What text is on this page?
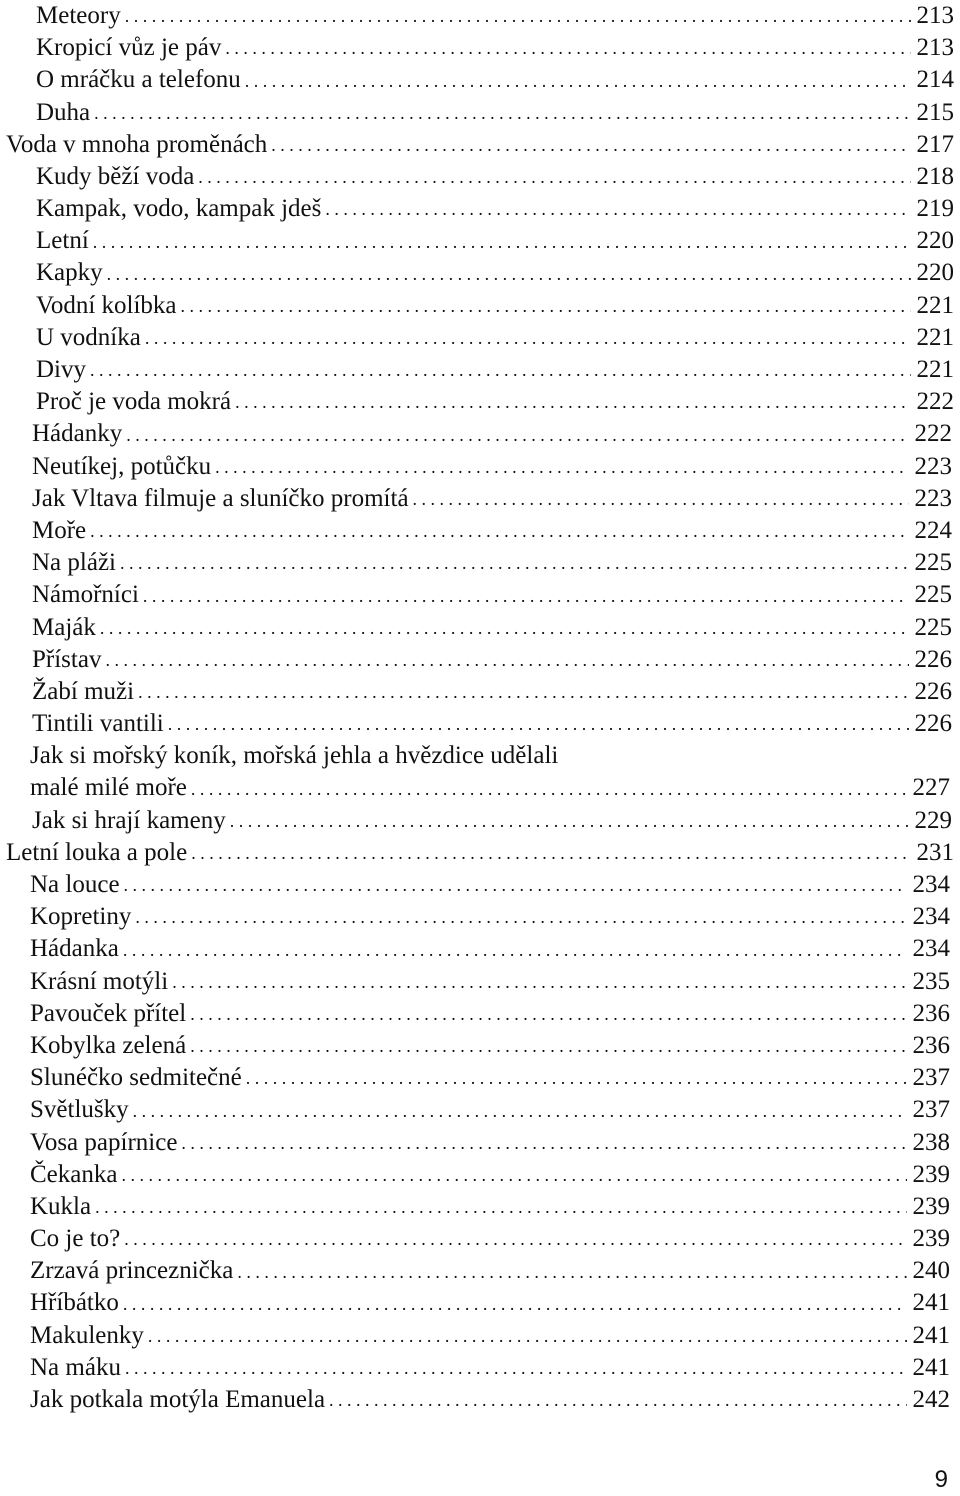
Meteory . . .	213
Kropicí vůz je páv . . .	213
O mráčku a telefonu . . .	214
Duha . . .	215
Voda v mnoha proměnách . . .	217
Kudy běží voda . . .	218
Kampak, vodo, kampak jdeš . . .	219
Letní . . .	220
Kapky . . .	220
Vodní kolíbka . . .	221
U vodníka . . .	221
Divy . . .	221
Proč je voda mokrá . . .	222
Hádanky . . .	222
Neutíkej, potůčku . . .	223
Jak Vltava filmuje a sluníčko promítá . . .	223
Moře . . .	224
Na pláži . . .	225
Námořníci . . .	225
Maják . . .	225
Přístav . . .	226
Žabí muži . . .	226
Tintili vantili . . .	226
Jak si mořský koník, mořská jehla a hvězdice udělali
malé milé moře . . .	227
Jak si hrají kameny . . .	229
Letní louka a pole . . .	231
Na louce . . .	234
Kopretiny . . .	234
Hádanka . . .	234
Krásní motýli . . .	235
Pavouček přítel . . .	236
Kobylka zelená . . .	236
Slunéčko sedmitečné . . .	237
Světlušky . . .	237
Vosa papírnice . . .	238
Čekanka . . .	239
Kukla . . .	239
Co je to? . . .	239
Zrzavá princeznička . . .	240
Hříbátko . . .	241
Makulenky . . .	241
Na máku . . .	241
Jak potkala motýla Emanuela . . .	242
9
